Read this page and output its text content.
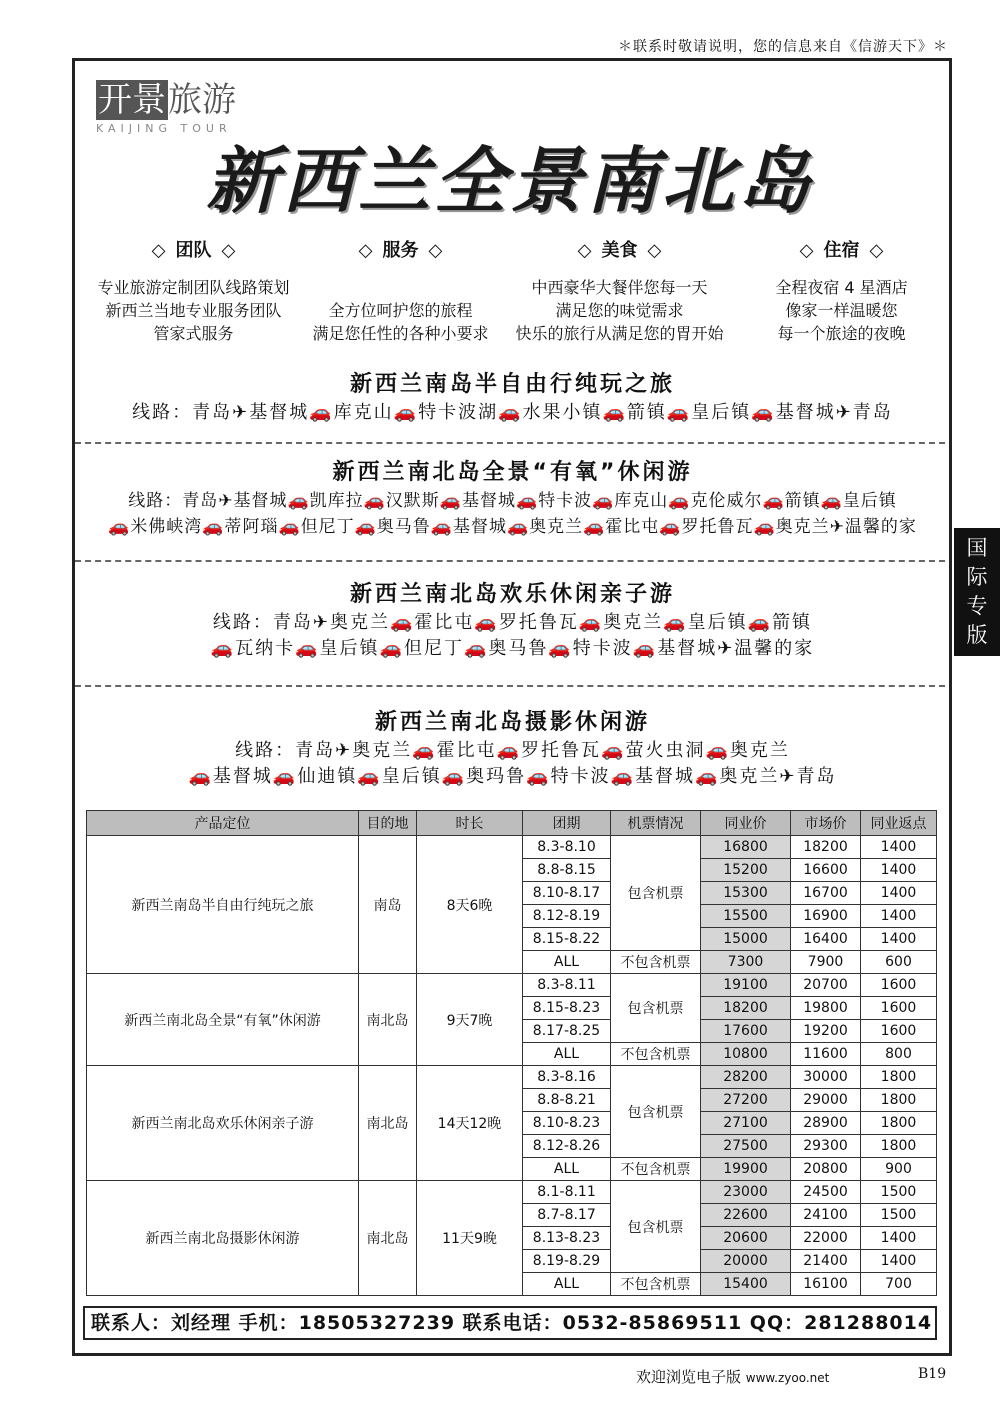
＊联系时敬请说明，您的信息来自《信游天下》＊
开景旅游
KAIJING TOUR
新西兰全景南北岛
◇ 团队 ◇

专业旅游定制团队线路策划

新西兰当地专业服务团队

管家式服务

◇ 服务 ◇

全方位呵护您的旅程

满足您任性的各种小要求

◇ 美食 ◇

中西豪华大餐伴您每一天

满足您的味觉需求

快乐的旅行从满足您的胃开始

◇ 住宿 ◇

全程夜宿 4 星酒店

像家一样温暖您

每一个旅途的夜晚

新西兰南岛半自由行纯玩之旅

线路：青岛✈基督城🚗库克山🚗特卡波湖🚗水果小镇🚗箭镇🚗皇后镇🚗基督城✈青岛

新西兰南北岛全景“有氧”休闲游

线路：青岛✈基督城🚗凯库拉🚗汉默斯🚗基督城🚗特卡波🚗库克山🚗克伦威尔🚗箭镇🚗皇后镇

🚗米佛峡湾🚗蒂阿瑙🚗但尼丁🚗奥马鲁🚗基督城🚗奥克兰🚗霍比屯🚗罗托鲁瓦🚗奥克兰✈温馨的家

新西兰南北岛欢乐休闲亲子游

线路：青岛✈奥克兰🚗霍比屯🚗罗托鲁瓦🚗奥克兰🚗皇后镇🚗箭镇

🚗瓦纳卡🚗皇后镇🚗但尼丁🚗奥马鲁🚗特卡波🚗基督城✈温馨的家

新西兰南北岛摄影休闲游

线路：青岛✈奥克兰🚗霍比屯🚗罗托鲁瓦🚗萤火虫洞🚗奥克兰

🚗基督城🚗仙迪镇🚗皇后镇🚗奥玛鲁🚗特卡波🚗基督城🚗奥克兰✈青岛

国际专版
产品定位	目的地	时长	团期	机票情况	同业价	市场价	同业返点
新西兰南岛半自由行纯玩之旅	南岛	8天6晚	8.3-8.10	包含机票	16800	18200	1400
			8.8-8.15		15200	16600	1400
			8.10-8.17		15300	16700	1400
			8.12-8.19		15500	16900	1400
			8.15-8.22		15000	16400	1400
			ALL	不包含机票	7300	7900	600
新西兰南北岛全景“有氧”休闲游	南北岛	9天7晚	8.3-8.11	包含机票	19100	20700	1600
			8.15-8.23		18200	19800	1600
			8.17-8.25		17600	19200	1600
			ALL	不包含机票	10800	11600	800
新西兰南北岛欢乐休闲亲子游	南北岛	14天12晚	8.3-8.16	包含机票	28200	30000	1800
			8.8-8.21		27200	29000	1800
			8.10-8.23		27100	28900	1800
			8.12-8.26		27500	29300	1800
			ALL	不包含机票	19900	20800	900
新西兰南北岛摄影休闲游	南北岛	11天9晚	8.1-8.11	包含机票	23000	24500	1500
			8.7-8.17		22600	24100	1500
			8.13-8.23		20600	22000	1400
			8.19-8.29		20000	21400	1400
			ALL	不包含机票	15400	16100	700
联系人：刘经理 手机：18505327239 联系电话：0532-85869511 QQ：281288014
欢迎浏览电子版 www.zyoo.net	B19
